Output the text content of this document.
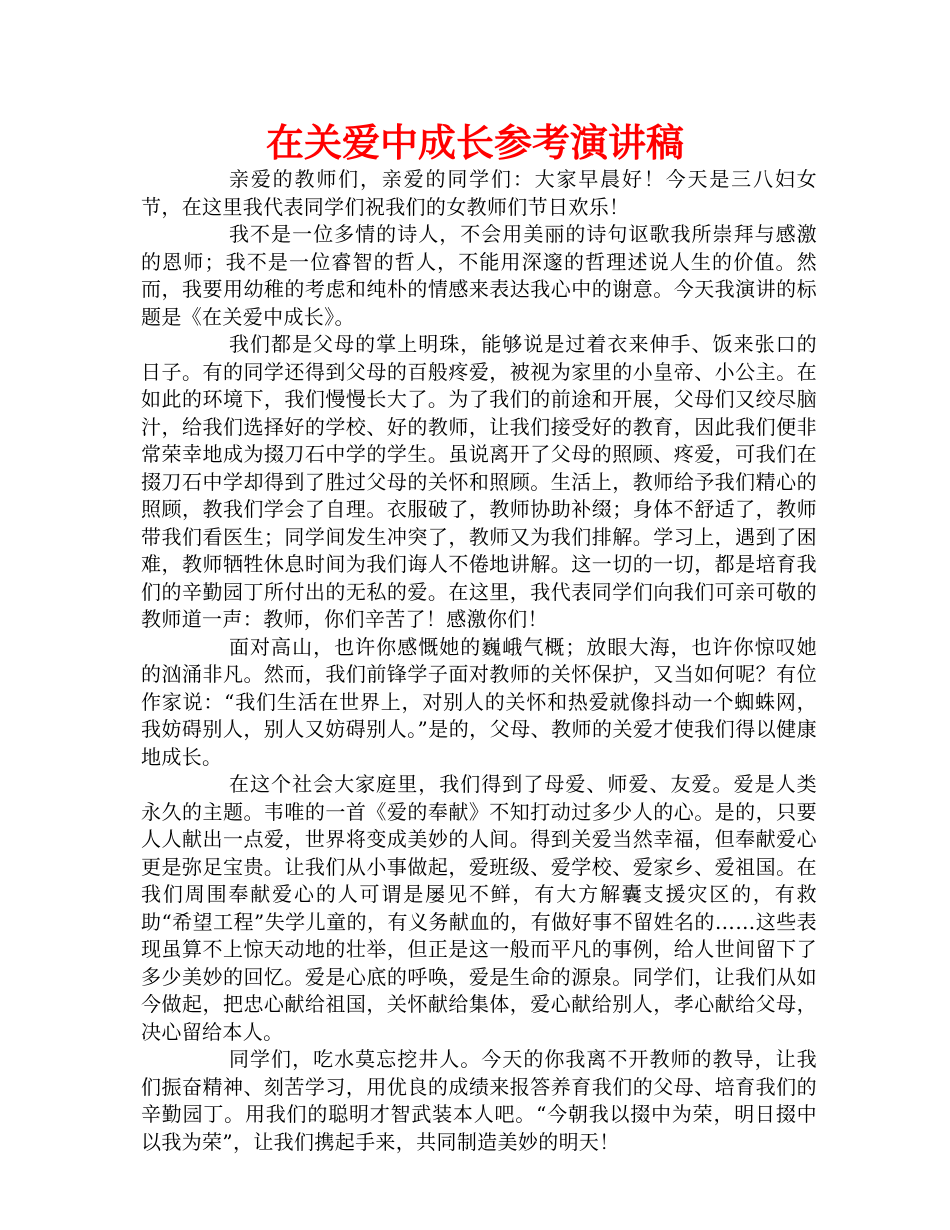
在关爱中成长参考演讲稿

亲爱的教师们，亲爱的同学们：大家早晨好！今天是三八妇女节，在这里我代表同学们祝我们的女教师们节日欢乐！

我不是一位多情的诗人，不会用美丽的诗句讴歌我所崇拜与感激的恩师；我不是一位睿智的哲人，不能用深邃的哲理述说人生的价值。然而，我要用幼稚的考虑和纯朴的情感来表达我心中的谢意。今天我演讲的标题是《在关爱中成长》。

我们都是父母的掌上明珠，能够说是过着衣来伸手、饭来张口的日子。有的同学还得到父母的百般疼爱，被视为家里的小皇帝、小公主。在如此的环境下，我们慢慢长大了。为了我们的前途和开展，父母们又绞尽脑汁，给我们选择好的学校、好的教师，让我们接受好的教育，因此我们便非常荣幸地成为掇刀石中学的学生。虽说离开了父母的照顾、疼爱，可我们在掇刀石中学却得到了胜过父母的关怀和照顾。生活上，教师给予我们精心的照顾，教我们学会了自理。衣服破了，教师协助补缀；身体不舒适了，教师带我们看医生；同学间发生冲突了，教师又为我们排解。学习上，遇到了困难，教师牺牲休息时间为我们诲人不倦地讲解。这一切的一切，都是培育我们的辛勤园丁所付出的无私的爱。在这里，我代表同学们向我们可亲可敬的教师道一声：教师，你们辛苦了！感激你们！

面对高山，也许你感慨她的巍峨气概；放眼大海，也许你惊叹她的汹涌非凡。然而，我们前锋学子面对教师的关怀保护，又当如何呢？有位作家说：“我们生活在世界上，对别人的关怀和热爱就像抖动一个蜘蛛网，我妨碍别人，别人又妨碍别人。”是的，父母、教师的关爱才使我们得以健康地成长。

在这个社会大家庭里，我们得到了母爱、师爱、友爱。爱是人类永久的主题。韦唯的一首《爱的奉献》不知打动过多少人的心。是的，只要人人献出一点爱，世界将变成美妙的人间。得到关爱当然幸福，但奉献爱心更是弥足宝贵。让我们从小事做起，爱班级、爱学校、爱家乡、爱祖国。在我们周围奉献爱心的人可谓是屡见不鲜，有大方解囊支援灾区的，有救助“希望工程”失学儿童的，有义务献血的，有做好事不留姓名的……这些表现虽算不上惊天动地的壮举，但正是这一般而平凡的事例，给人世间留下了多少美妙的回忆。爱是心底的呼唤，爱是生命的源泉。同学们，让我们从如今做起，把忠心献给祖国，关怀献给集体，爱心献给别人，孝心献给父母，决心留给本人。

同学们，吃水莫忘挖井人。今天的你我离不开教师的教导，让我们振奋精神、刻苦学习，用优良的成绩来报答养育我们的父母、培育我们的辛勤园丁。用我们的聪明才智武装本人吧。“今朝我以掇中为荣，明日掇中以我为荣”，让我们携起手来，共同制造美妙的明天！
